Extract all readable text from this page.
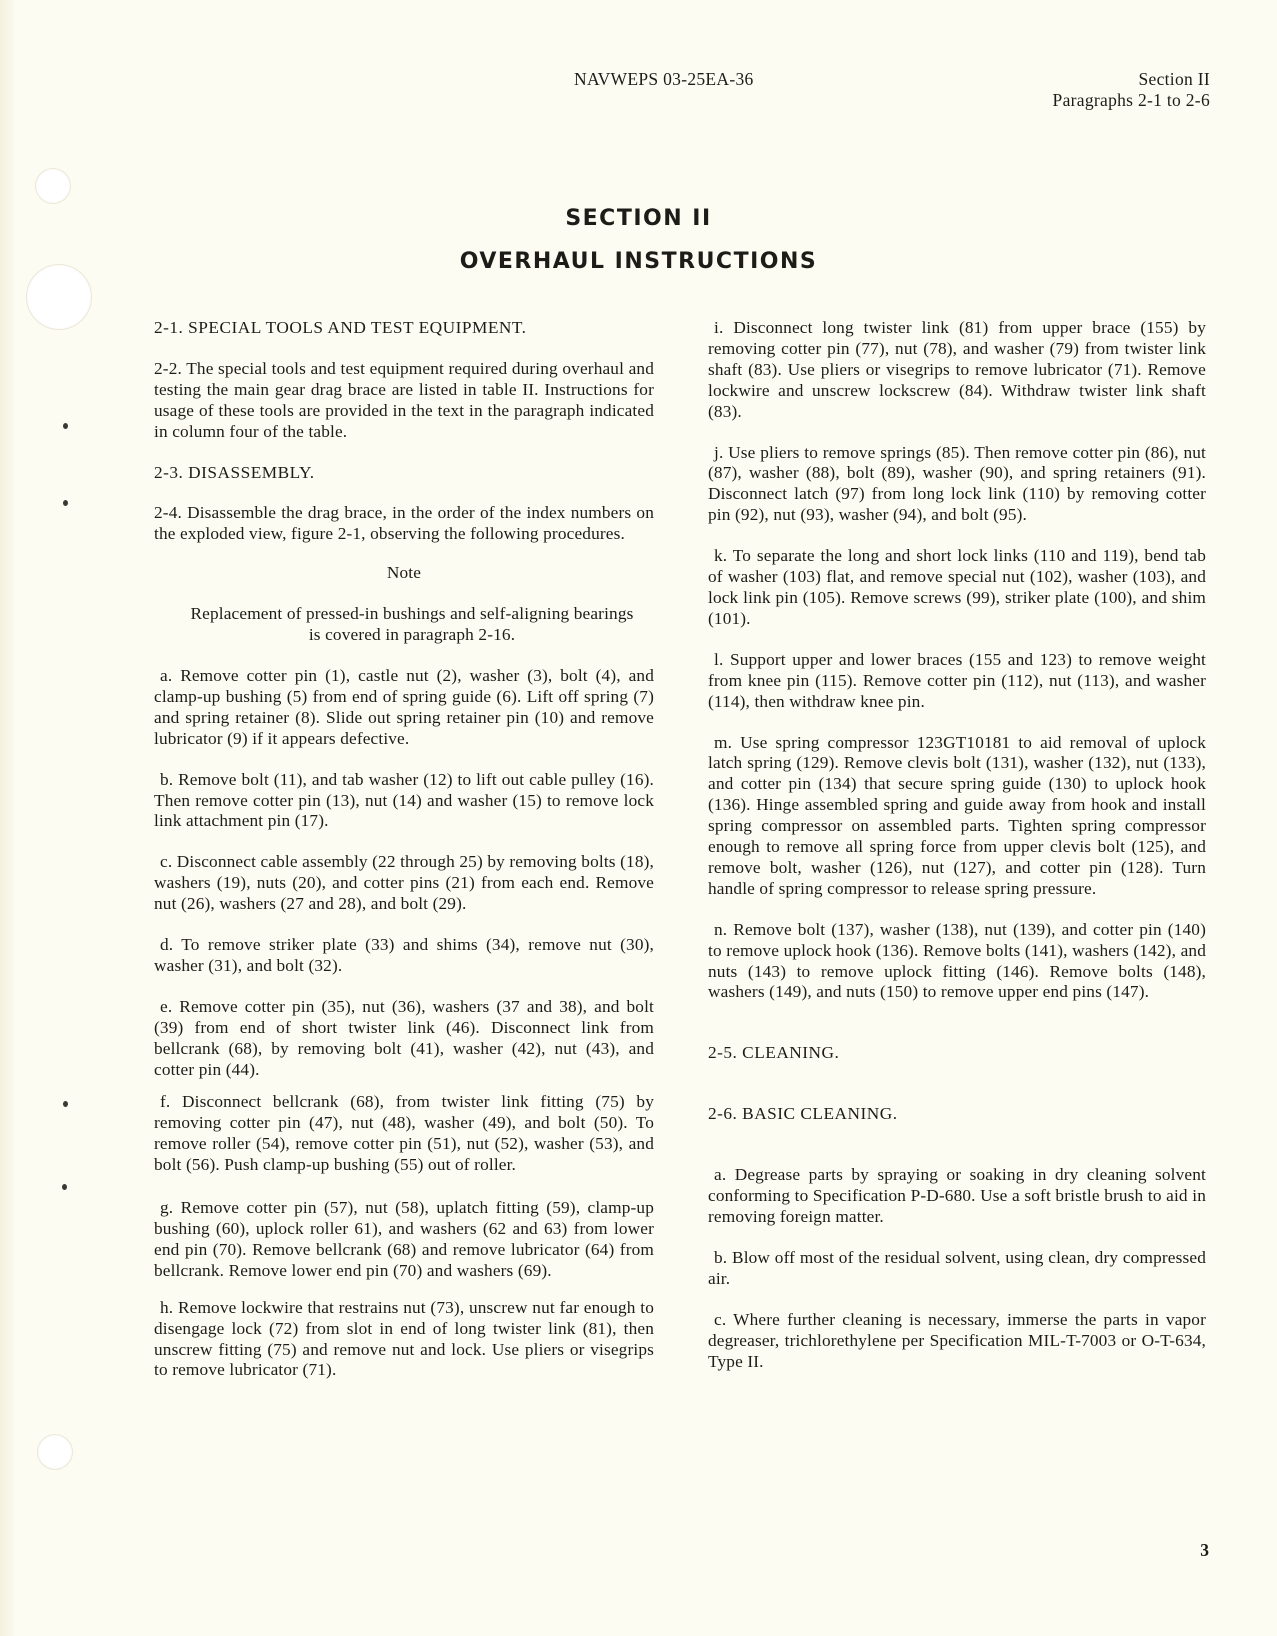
NAVWEPS 03-25EA-36	Section II
Paragraphs 2-1 to 2-6
SECTION II
OVERHAUL INSTRUCTIONS

2-1. SPECIAL TOOLS AND TEST EQUIPMENT.

2-2. The special tools and test equipment required during overhaul and testing the main gear drag brace are listed in table II. Instructions for usage of these tools are provided in the text in the paragraph indicated in column four of the table.

2-3. DISASSEMBLY.

2-4. Disassemble the drag brace, in the order of the index numbers on the exploded view, figure 2-1, observing the following procedures.

Note

Replacement of pressed-in bushings and self-aligning bearings is covered in paragraph 2-16.

a. Remove cotter pin (1), castle nut (2), washer (3), bolt (4), and clamp-up bushing (5) from end of spring guide (6). Lift off spring (7) and spring retainer (8). Slide out spring retainer pin (10) and remove lubricator (9) if it appears defective.

b. Remove bolt (11), and tab washer (12) to lift out cable pulley (16). Then remove cotter pin (13), nut (14) and washer (15) to remove lock link attachment pin (17).

c. Disconnect cable assembly (22 through 25) by removing bolts (18), washers (19), nuts (20), and cotter pins (21) from each end. Remove nut (26), washers (27 and 28), and bolt (29).

d. To remove striker plate (33) and shims (34), remove nut (30), washer (31), and bolt (32).

e. Remove cotter pin (35), nut (36), washers (37 and 38), and bolt (39) from end of short twister link (46). Disconnect link from bellcrank (68), by removing bolt (41), washer (42), nut (43), and cotter pin (44).

f. Disconnect bellcrank (68), from twister link fitting (75) by removing cotter pin (47), nut (48), washer (49), and bolt (50). To remove roller (54), remove cotter pin (51), nut (52), washer (53), and bolt (56). Push clamp-up bushing (55) out of roller.

g. Remove cotter pin (57), nut (58), uplatch fitting (59), clamp-up bushing (60), uplock roller 61), and washers (62 and 63) from lower end pin (70). Remove bellcrank (68) and remove lubricator (64) from bellcrank. Remove lower end pin (70) and washers (69).

h. Remove lockwire that restrains nut (73), unscrew nut far enough to disengage lock (72) from slot in end of long twister link (81), then unscrew fitting (75) and remove nut and lock. Use pliers or visegrips to remove lubricator (71).

i. Disconnect long twister link (81) from upper brace (155) by removing cotter pin (77), nut (78), and washer (79) from twister link shaft (83). Use pliers or visegrips to remove lubricator (71). Remove lockwire and unscrew lockscrew (84). Withdraw twister link shaft (83).

j. Use pliers to remove springs (85). Then remove cotter pin (86), nut (87), washer (88), bolt (89), washer (90), and spring retainers (91). Disconnect latch (97) from long lock link (110) by removing cotter pin (92), nut (93), washer (94), and bolt (95).

k. To separate the long and short lock links (110 and 119), bend tab of washer (103) flat, and remove special nut (102), washer (103), and lock link pin (105). Remove screws (99), striker plate (100), and shim (101).

l. Support upper and lower braces (155 and 123) to remove weight from knee pin (115). Remove cotter pin (112), nut (113), and washer (114), then withdraw knee pin.

m. Use spring compressor 123GT10181 to aid removal of uplock latch spring (129). Remove clevis bolt (131), washer (132), nut (133), and cotter pin (134) that secure spring guide (130) to uplock hook (136). Hinge assembled spring and guide away from hook and install spring compressor on assembled parts. Tighten spring compressor enough to remove all spring force from upper clevis bolt (125), and remove bolt, washer (126), nut (127), and cotter pin (128). Turn handle of spring compressor to release spring pressure.

n. Remove bolt (137), washer (138), nut (139), and cotter pin (140) to remove uplock hook (136). Remove bolts (141), washers (142), and nuts (143) to remove uplock fitting (146). Remove bolts (148), washers (149), and nuts (150) to remove upper end pins (147).

2-5. CLEANING.

2-6. BASIC CLEANING.

a. Degrease parts by spraying or soaking in dry cleaning solvent conforming to Specification P-D-680. Use a soft bristle brush to aid in removing foreign matter.

b. Blow off most of the residual solvent, using clean, dry compressed air.

c. Where further cleaning is necessary, immerse the parts in vapor degreaser, trichlorethylene per Specification MIL-T-7003 or O-T-634, Type II.

3
